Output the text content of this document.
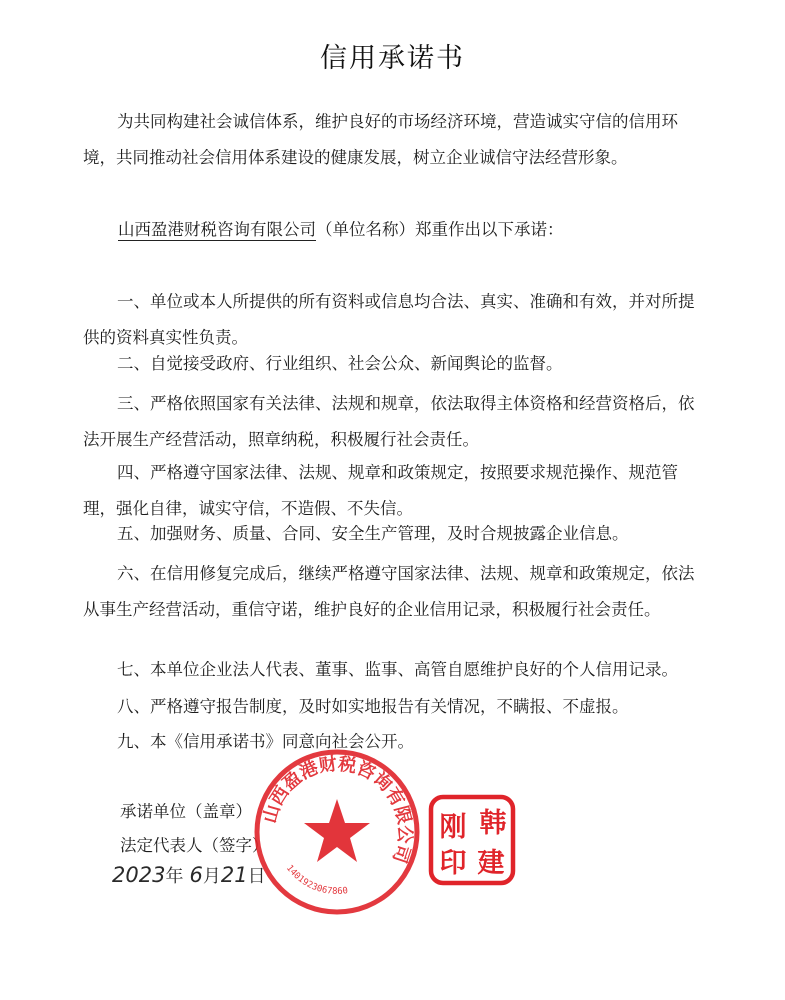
信用承诺书
为共同构建社会诚信体系，维护良好的市场经济环境，营造诚实守信的信用环境，共同推动社会信用体系建设的健康发展，树立企业诚信守法经营形象。
山西盈港财税咨询有限公司（单位名称）郑重作出以下承诺：
一、单位或本人所提供的所有资料或信息均合法、真实、准确和有效，并对所提供的资料真实性负责。
二、自觉接受政府、行业组织、社会公众、新闻舆论的监督。
三、严格依照国家有关法律、法规和规章，依法取得主体资格和经营资格后，依法开展生产经营活动，照章纳税，积极履行社会责任。
四、严格遵守国家法律、法规、规章和政策规定，按照要求规范操作、规范管理，强化自律，诚实守信，不造假、不失信。
五、加强财务、质量、合同、安全生产管理，及时合规披露企业信息。
六、在信用修复完成后，继续严格遵守国家法律、法规、规章和政策规定，依法从事生产经营活动，重信守诺，维护良好的企业信用记录，积极履行社会责任。
七、本单位企业法人代表、董事、监事、高管自愿维护良好的个人信用记录。
八、严格遵守报告制度，及时如实地报告有关情况，不瞒报、不虚报。
九、本《信用承诺书》同意向社会公开。
承诺单位（盖章）
法定代表人（签字）
2023年 6月21日
山西盈港财税咨询有限公司
1401923067860
韩
刚
建
印
